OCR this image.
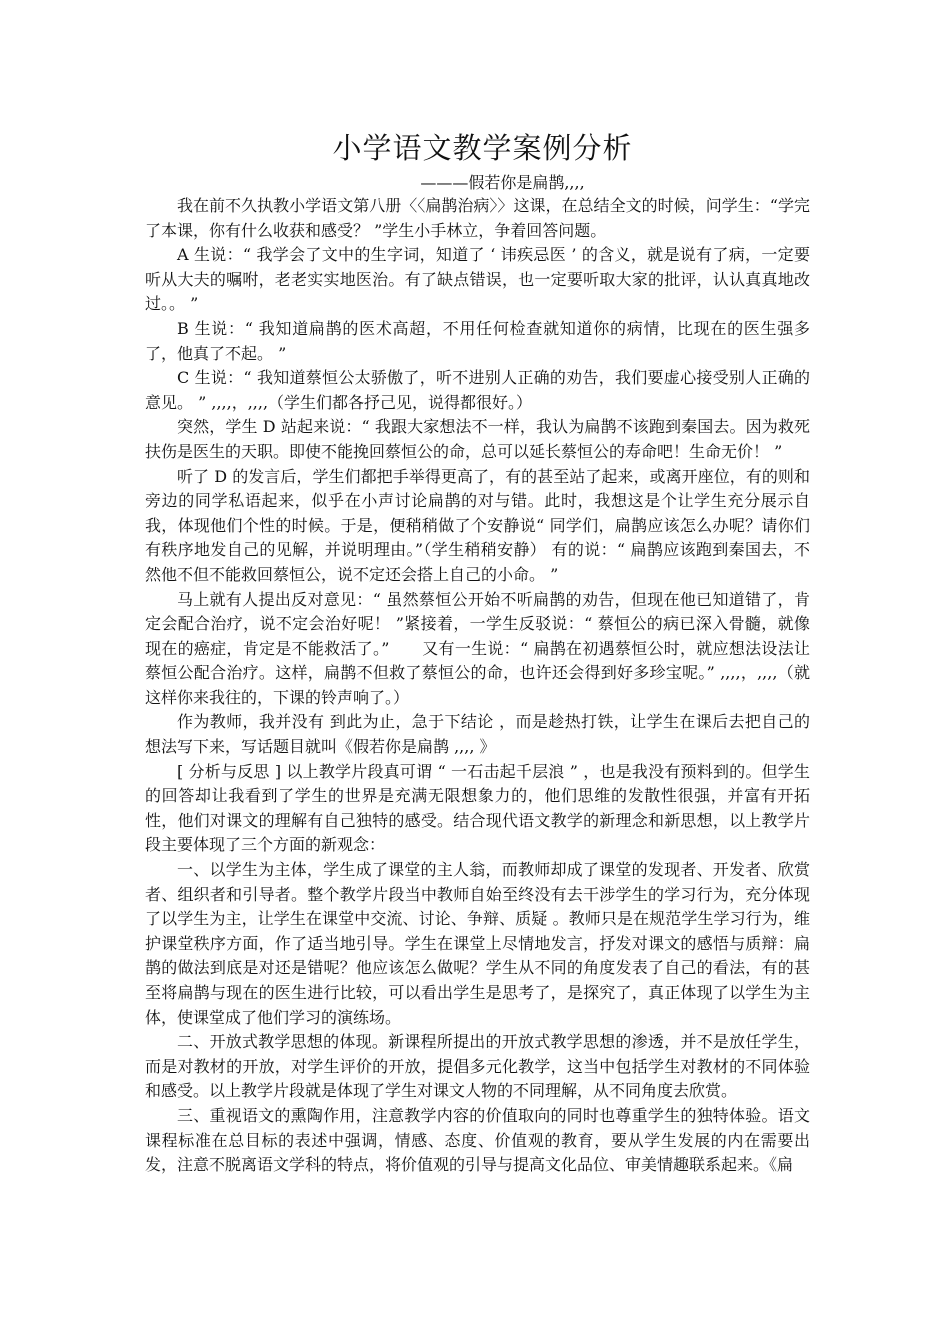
小学语文教学案例分析
———假若你是扁鹊,,,,

我在前不久执教小学语文第八册〈〈扁鹊治病〉〉这课，在总结全文的时候，问学生：“学完了本课，你有什么收获和感受？ ”学生小手林立，争着回答问题。

A 生说：“ 我学会了文中的生字词，知道了 ‘ 讳疾忌医 ’ 的含义，就是说有了病，一定要听从大夫的嘱咐，老老实实地医治。有了缺点错误，也一定要听取大家的批评，认认真真地改过。。 ”

B 生说：“ 我知道扁鹊的医术高超，不用任何检查就知道你的病情，比现在的医生强多了，他真了不起。 ”

C 生说：“ 我知道蔡恒公太骄傲了，听不进别人正确的劝告，我们要虚心接受别人正确的意见。 ” ,,,,，,,,,（学生们都各抒己见，说得都很好。）

突然，学生 D 站起来说：“ 我跟大家想法不一样，我认为扁鹊不该跑到秦国去。因为救死扶伤是医生的天职。即使不能挽回蔡恒公的命，总可以延长蔡恒公的寿命吧！生命无价！ ”

听了 D 的发言后，学生们都把手举得更高了，有的甚至站了起来，或离开座位，有的则和旁边的同学私语起来，似乎在小声讨论扁鹊的对与错。此时，我想这是个让学生充分展示自我，体现他们个性的时候。于是，便稍稍做了个安静说“ 同学们，扁鹊应该怎么办呢？请你们有秩序地发自己的见解，并说明理由。”（学生稍稍安静） 有的说：“ 扁鹊应该跑到秦国去，不然他不但不能救回蔡恒公，说不定还会搭上自己的小命。 ”

马上就有人提出反对意见：“ 虽然蔡恒公开始不听扁鹊的劝告，但现在他已知道错了，肯定会配合治疗，说不定会治好呢！ ”紧接着，一学生反驳说：“ 蔡恒公的病已深入骨髓，就像现在的癌症，肯定是不能救活了。”　　又有一生说：“ 扁鹊在初遇蔡恒公时，就应想法设法让蔡恒公配合治疗。这样，扁鹊不但救了蔡恒公的命，也许还会得到好多珍宝呢。” ,,,,，,,,,（就这样你来我往的，下课的铃声响了。）

作为教师，我并没有 到此为止，急于下结论 ，而是趁热打铁，让学生在课后去把自己的想法写下来，写话题目就叫《假若你是扁鹊 ,,,, 》

[ 分析与反思 ] 以上教学片段真可谓 “ 一石击起千层浪 ” ，也是我没有预料到的。但学生的回答却让我看到了学生的世界是充满无限想象力的，他们思维的发散性很强，并富有开拓性，他们对课文的理解有自己独特的感受。结合现代语文教学的新理念和新思想，以上教学片段主要体现了三个方面的新观念：

一、以学生为主体，学生成了课堂的主人翁，而教师却成了课堂的发现者、开发者、欣赏者、组织者和引导者。整个教学片段当中教师自始至终没有去干涉学生的学习行为，充分体现了以学生为主，让学生在课堂中交流、讨论、争辩、质疑 。教师只是在规范学生学习行为，维护课堂秩序方面，作了适当地引导。学生在课堂上尽情地发言，抒发对课文的感悟与质辩：扁鹊的做法到底是对还是错呢？他应该怎么做呢？学生从不同的角度发表了自己的看法，有的甚至将扁鹊与现在的医生进行比较，可以看出学生是思考了，是探究了，真正体现了以学生为主体，使课堂成了他们学习的演练场。

二、开放式教学思想的体现。新课程所提出的开放式教学思想的渗透，并不是放任学生，而是对教材的开放，对学生评价的开放，提倡多元化教学，这当中包括学生对教材的不同体验和感受。以上教学片段就是体现了学生对课文人物的不同理解，从不同角度去欣赏。

三、重视语文的熏陶作用，注意教学内容的价值取向的同时也尊重学生的独特体验。语文课程标准在总目标的表述中强调，情感、态度、价值观的教育，要从学生发展的内在需要出发，注意不脱离语文学科的特点，将价值观的引导与提高文化品位、审美情趣联系起来。《扁
